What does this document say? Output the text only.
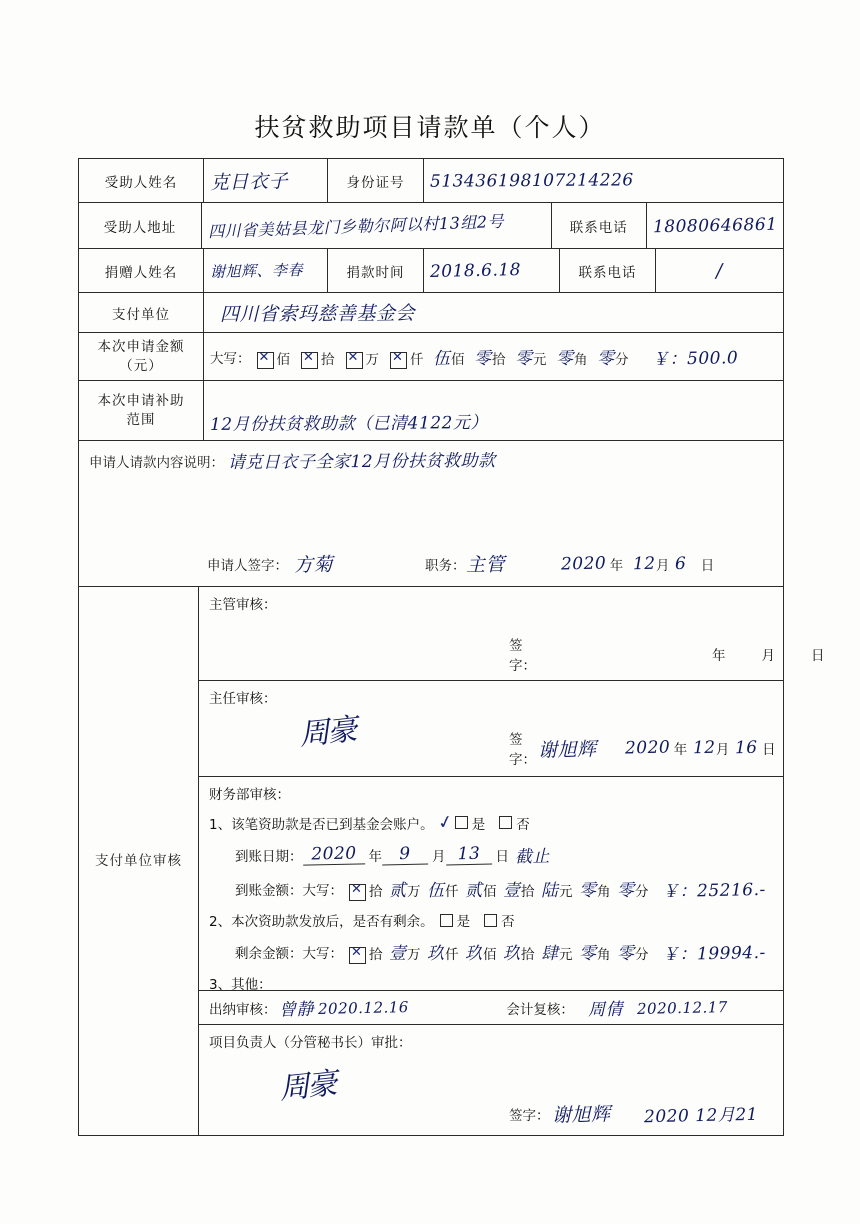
扶贫救助项目请款单（个人）
受助人姓名	克日衣子	身份证号	513436198107214226
受助人地址	四川省美姑县龙门乡勒尔阿以村13组2号	联系电话	18080646861
捐赠人姓名	谢旭辉、李春	捐款时间	2018.6.18	联系电话	/
支付单位	四川省索玛慈善基金会
本次申请金额
（元）	大写： ✕	佰 ✕ 拾 ✕ 万 ✕ 仟 伍佰 零拾 零元 零角 零分 ￥：500.0
本次申请补助
范围	12月份扶贫救助款（已清4122元）
申请人请款内容说明： 请克日衣子全家12月份扶贫救助款
申请人签字： 方菊	职务： 主管	2020 年 12 月 6 日
支付单位审核
主管审核：
签字：
年	月	日
主任审核：
周豪	签字： 谢旭辉 2020 年 12 月 16 日
财务部审核：
1、该笔资助款是否已到基金会账户。 ✓ 是 否
到账日期： 2020 年	9	月 13	日 截止
到账金额： 大写： ✕	拾 贰万 伍仟 贰佰 壹拾 陆元 零角 零分 ￥：25216.-
2、本次资助款发放后，是否有剩余。 是 否
剩余金额： 大写： ✕	拾 壹万 玖仟 玖佰 玖拾 肆元 零角 零分 ￥：19994.-
3、其他：
出纳审核： 曾静 2020.12.16	会计复核： 周倩 2020.12.17
项目负责人（分管秘书长）审批：
周豪
签字： 谢旭辉 2020 12月21
